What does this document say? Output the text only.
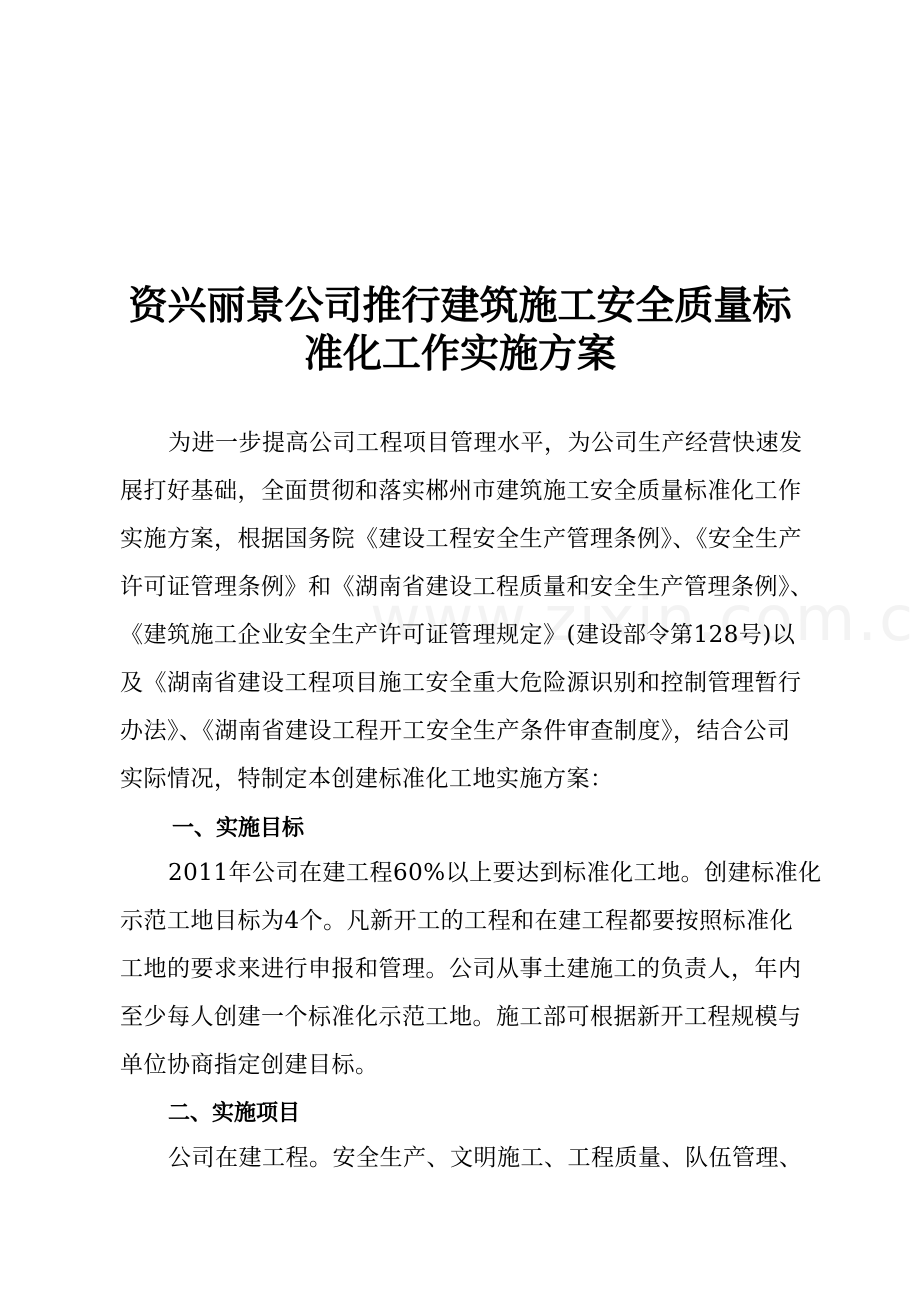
资兴丽景公司推行建筑施工安全质量标
准化工作实施方案
为进一步提高公司工程项目管理水平，为公司生产经营快速发
展打好基础，全面贯彻和落实郴州市建筑施工安全质量标准化工作
实施方案，根据国务院《建设工程安全生产管理条例》、《安全生产
许可证管理条例》和《湖南省建设工程质量和安全生产管理条例》、
《建筑施工企业安全生产许可证管理规定》(建设部令第128号)以
及《湖南省建设工程项目施工安全重大危险源识别和控制管理暂行
办法》、《湖南省建设工程开工安全生产条件审查制度》，结合公司
实际情况，特制定本创建标准化工地实施方案：
一、实施目标
2011年公司在建工程60%以上要达到标准化工地。创建标准化
示范工地目标为4个。凡新开工的工程和在建工程都要按照标准化
工地的要求来进行申报和管理。公司从事土建施工的负责人，年内
至少每人创建一个标准化示范工地。施工部可根据新开工程规模与
单位协商指定创建目标。
二、实施项目
公司在建工程。安全生产、文明施工、工程质量、队伍管理、
